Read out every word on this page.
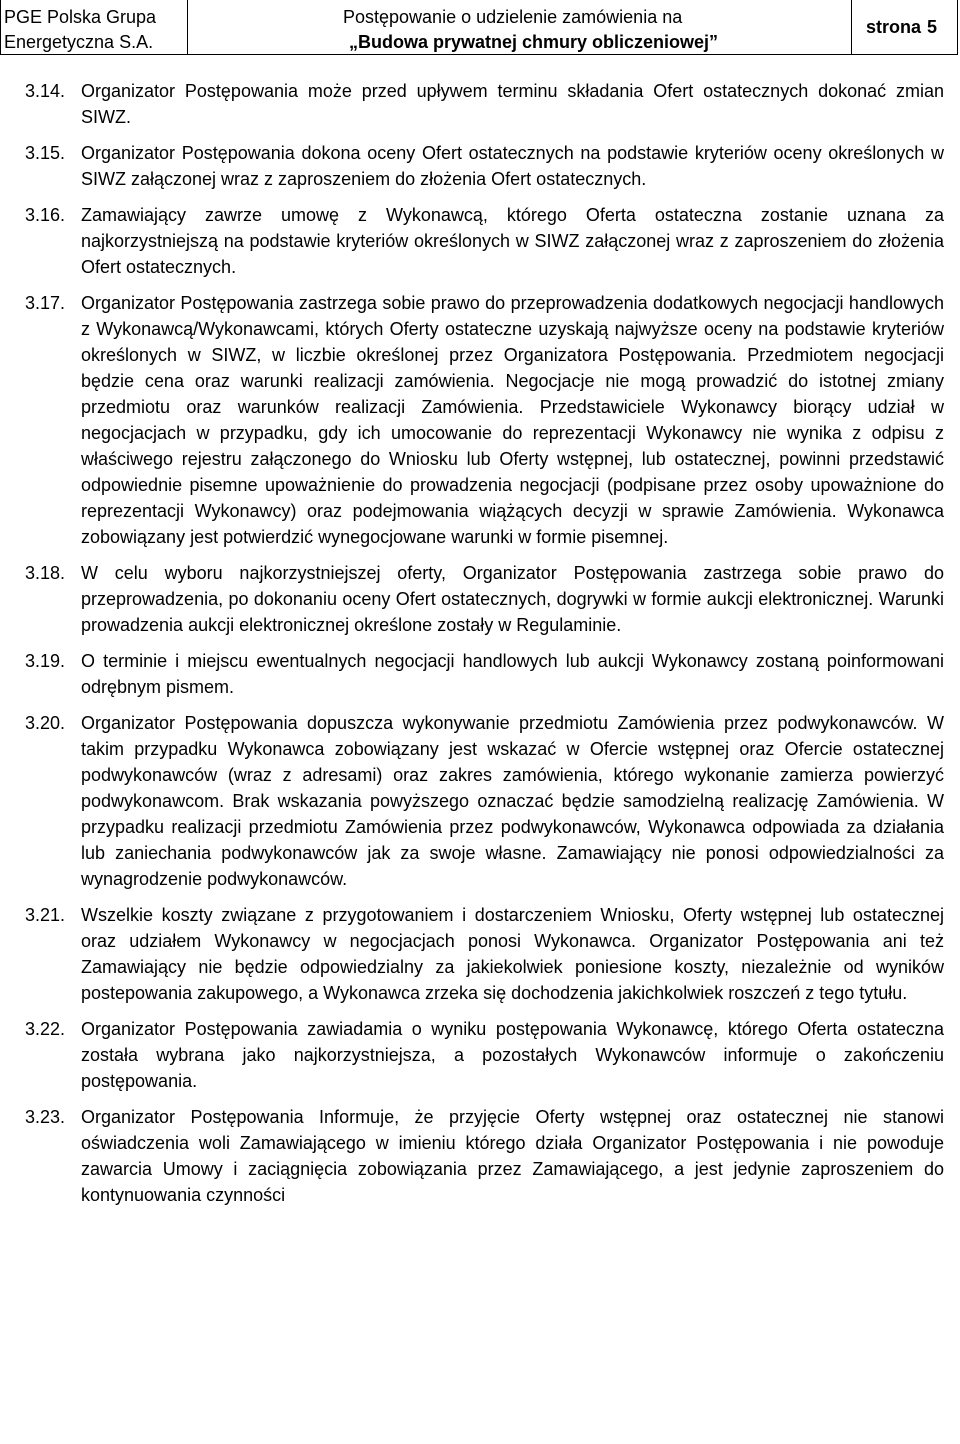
PGE Polska Grupa
Energetyczna S.A.
Postępowanie o udzielenie zamówienia na
„Budowa prywatnej chmury obliczeniowej”
strona 5
3.14. Organizator Postępowania może przed upływem terminu składania Ofert ostatecznych dokonać zmian SIWZ.
3.15. Organizator Postępowania dokona oceny Ofert ostatecznych na podstawie kryteriów oceny określonych w SIWZ załączonej wraz z zaproszeniem do złożenia Ofert ostatecznych.
3.16. Zamawiający zawrze umowę z Wykonawcą, którego Oferta ostateczna zostanie uznana za najkorzystniejszą na podstawie kryteriów określonych w SIWZ załączonej wraz z zaproszeniem do złożenia Ofert ostatecznych.
3.17. Organizator Postępowania zastrzega sobie prawo do przeprowadzenia dodatkowych negocjacji handlowych z Wykonawcą/Wykonawcami, których Oferty ostateczne uzyskają najwyższe oceny na podstawie kryteriów określonych w SIWZ, w liczbie określonej przez Organizatora Postępowania. Przedmiotem negocjacji będzie cena oraz warunki realizacji zamówienia. Negocjacje nie mogą prowadzić do istotnej zmiany przedmiotu oraz warunków realizacji Zamówienia. Przedstawiciele Wykonawcy biorący udział w negocjacjach w przypadku, gdy ich umocowanie do reprezentacji Wykonawcy nie wynika z odpisu z właściwego rejestru załączonego do Wniosku lub Oferty wstępnej, lub ostatecznej, powinni przedstawić odpowiednie pisemne upoważnienie do prowadzenia negocjacji (podpisane przez osoby upoważnione do reprezentacji Wykonawcy) oraz podejmowania wiążących decyzji w sprawie Zamówienia. Wykonawca zobowiązany jest potwierdzić wynegocjowane warunki w formie pisemnej.
3.18. W celu wyboru najkorzystniejszej oferty, Organizator Postępowania zastrzega sobie prawo do przeprowadzenia, po dokonaniu oceny Ofert ostatecznych, dogrywki w formie aukcji elektronicznej. Warunki prowadzenia aukcji elektronicznej określone zostały w Regulaminie.
3.19. O terminie i miejscu ewentualnych negocjacji handlowych lub aukcji Wykonawcy zostaną poinformowani odrębnym pismem.
3.20. Organizator Postępowania dopuszcza wykonywanie przedmiotu Zamówienia przez podwykonawców. W takim przypadku Wykonawca zobowiązany jest wskazać w Ofercie wstępnej oraz Ofercie ostatecznej podwykonawców (wraz z adresami) oraz zakres zamówienia, którego wykonanie zamierza powierzyć podwykonawcom. Brak wskazania powyższego oznaczać będzie samodzielną realizację Zamówienia. W przypadku realizacji przedmiotu Zamówienia przez podwykonawców, Wykonawca odpowiada za działania lub zaniechania podwykonawców jak za swoje własne. Zamawiający nie ponosi odpowiedzialności za wynagrodzenie podwykonawców.
3.21. Wszelkie koszty związane z przygotowaniem i dostarczeniem Wniosku, Oferty wstępnej lub ostatecznej oraz udziałem Wykonawcy w negocjacjach ponosi Wykonawca. Organizator Postępowania ani też Zamawiający nie będzie odpowiedzialny za jakiekolwiek poniesione koszty, niezależnie od wyników postepowania zakupowego, a Wykonawca zrzeka się dochodzenia jakichkolwiek roszczeń z tego tytułu.
3.22. Organizator Postępowania zawiadamia o wyniku postępowania Wykonawcę, którego Oferta ostateczna została wybrana jako najkorzystniejsza, a pozostałych Wykonawców informuje o zakończeniu postępowania.
3.23. Organizator Postępowania Informuje, że przyjęcie Oferty wstępnej oraz ostatecznej nie stanowi oświadczenia woli Zamawiającego w imieniu którego działa Organizator Postępowania i nie powoduje zawarcia Umowy i zaciągnięcia zobowiązania przez Zamawiającego, a jest jedynie zaproszeniem do kontynuowania czynności
